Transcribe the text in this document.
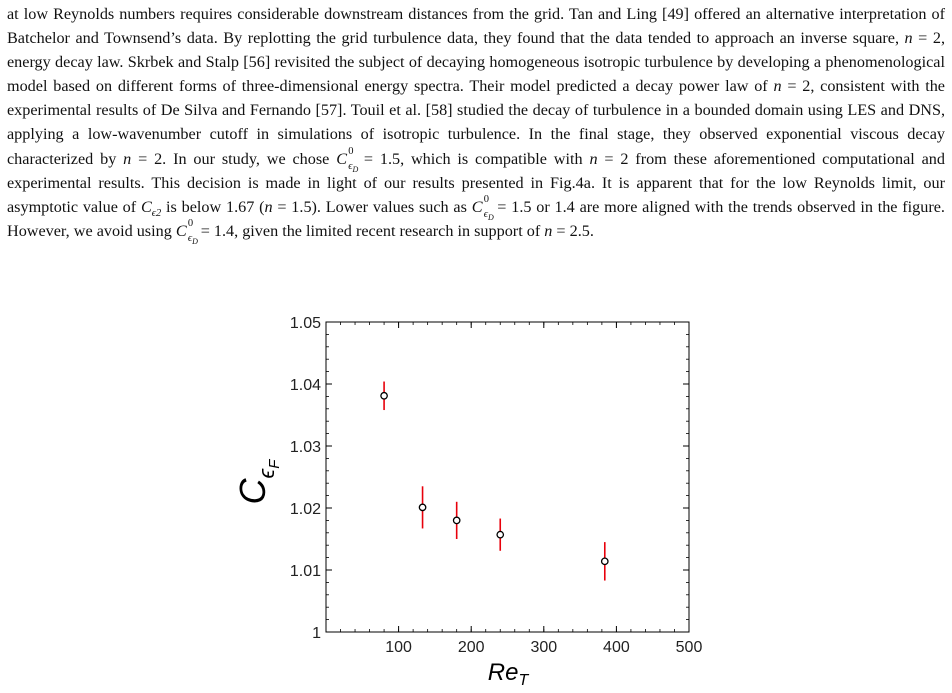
at low Reynolds numbers requires considerable downstream distances from the grid. Tan and Ling [49] offered an alternative interpretation of Batchelor and Townsend’s data. By replotting the grid turbulence data, they found that the data tended to approach an inverse square, n = 2, energy decay law. Skrbek and Stalp [56] revisited the subject of decaying homogeneous isotropic turbulence by developing a phenomenological model based on different forms of three-dimensional energy spectra. Their model predicted a decay power law of n = 2, consistent with the experimental results of De Silva and Fernando [57]. Touil et al. [58] studied the decay of turbulence in a bounded domain using LES and DNS, applying a low-wavenumber cutoff in simulations of isotropic turbulence. In the final stage, they observed exponential viscous decay characterized by n = 2. In our study, we chose C 0
$\epsilon_D$
= 1.5, which is compatible with n = 2 from these aforementioned computational and experimental results. This decision is made in light of our results presented in Fig.4a. It is apparent that for the low Reynolds limit, our asymptotic value of $C_{\epsilon 2}$ is below 1.67 (n = 1.5). Lower values such as C 0
$\epsilon_D$
= 1.5 or 1.4 are more aligned with the trends observed in the figure. However, we avoid using C 0
$\epsilon_D$
= 1.4, given the limited recent research in support of n = 2.5.

100	200	300	400	500
1
1.01
1.02
1.03
1.04
1.05
CϵF
ReT
